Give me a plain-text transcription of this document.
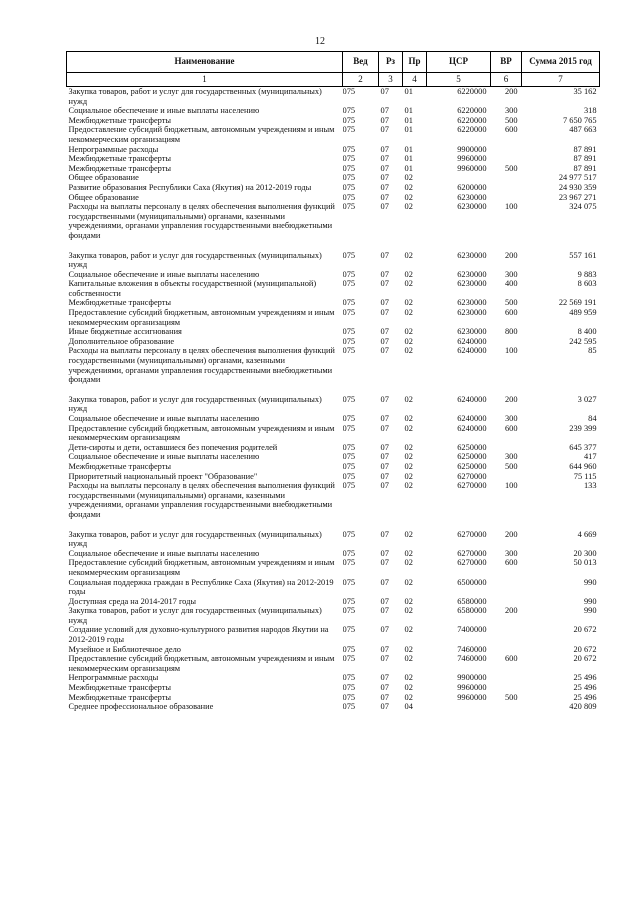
12
Наименование	Вед	Рз	Пр	ЦСР	ВР	Сумма 2015 год
1	2	3	4	5	6	7
Закупка товаров, работ и услуг для государственных (муниципальных) нужд	075	07	01	6220000	200	35 162
Социальное обеспечение и иные выплаты населению	075	07	01	6220000	300	318
Межбюджетные трансферты	075	07	01	6220000	500	7 650 765
Предоставление субсидий бюджетным, автономным учреждениям и иным некоммерческим организациям	075	07	01	6220000	600	487 663
Непрограммные расходы	075	07	01	9900000		87 891
Межбюджетные трансферты	075	07	01	9960000		87 891
Межбюджетные трансферты	075	07	01	9960000	500	87 891
Общее образование	075	07	02			24 977 517
Развитие образования Республики Саха (Якутия) на 2012-2019 годы	075	07	02	6200000		24 930 359
Общее образование	075	07	02	6230000		23 967 271
Расходы на выплаты персоналу в целях обеспечения выполнения функций государственными (муниципальными) органами, казенными учреждениями, органами управления государственными внебюджетными фондами	075	07	02	6230000	100	324 075

Закупка товаров, работ и услуг для государственных (муниципальных) нужд	075	07	02	6230000	200	557 161
Социальное обеспечение и иные выплаты населению	075	07	02	6230000	300	9 883
Капитальные вложения в объекты государственной (муниципальной) собственности	075	07	02	6230000	400	8 603
Межбюджетные трансферты	075	07	02	6230000	500	22 569 191
Предоставление субсидий бюджетным, автономным учреждениям и иным некоммерческим организациям	075	07	02	6230000	600	489 959
Иные бюджетные ассигнования	075	07	02	6230000	800	8 400
Дополнительное образование	075	07	02	6240000		242 595
Расходы на выплаты персоналу в целях обеспечения выполнения функций государственными (муниципальными) органами, казенными учреждениями, органами управления государственными внебюджетными фондами	075	07	02	6240000	100	85

Закупка товаров, работ и услуг для государственных (муниципальных) нужд	075	07	02	6240000	200	3 027
Социальное обеспечение и иные выплаты населению	075	07	02	6240000	300	84
Предоставление субсидий бюджетным, автономным учреждениям и иным некоммерческим организациям	075	07	02	6240000	600	239 399
Дети-сироты и дети, оставшиеся без попечения родителей	075	07	02	6250000		645 377
Социальное обеспечение и иные выплаты населению	075	07	02	6250000	300	417
Межбюджетные трансферты	075	07	02	6250000	500	644 960
Приоритетный национальный проект "Образование"	075	07	02	6270000		75 115
Расходы на выплаты персоналу в целях обеспечения выполнения функций государственными (муниципальными) органами, казенными учреждениями, органами управления государственными внебюджетными фондами	075	07	02	6270000	100	133

Закупка товаров, работ и услуг для государственных (муниципальных) нужд	075	07	02	6270000	200	4 669
Социальное обеспечение и иные выплаты населению	075	07	02	6270000	300	20 300
Предоставление субсидий бюджетным, автономным учреждениям и иным некоммерческим организациям	075	07	02	6270000	600	50 013
Социальная поддержка граждан в Республике Саха (Якутия) на 2012-2019 годы	075	07	02	6500000		990
Доступная среда на 2014-2017 годы	075	07	02	6580000		990
Закупка товаров, работ и услуг для государственных (муниципальных) нужд	075	07	02	6580000	200	990
Создание условий для духовно-культурного развития народов Якутии на 2012-2019 годы	075	07	02	7400000		20 672
Музейное и Библиотечное дело	075	07	02	7460000		20 672
Предоставление субсидий бюджетным, автономным учреждениям и иным некоммерческим организациям	075	07	02	7460000	600	20 672
Непрограммные расходы	075	07	02	9900000		25 496
Межбюджетные трансферты	075	07	02	9960000		25 496
Межбюджетные трансферты	075	07	02	9960000	500	25 496
Среднее профессиональное образование	075	07	04			420 809
